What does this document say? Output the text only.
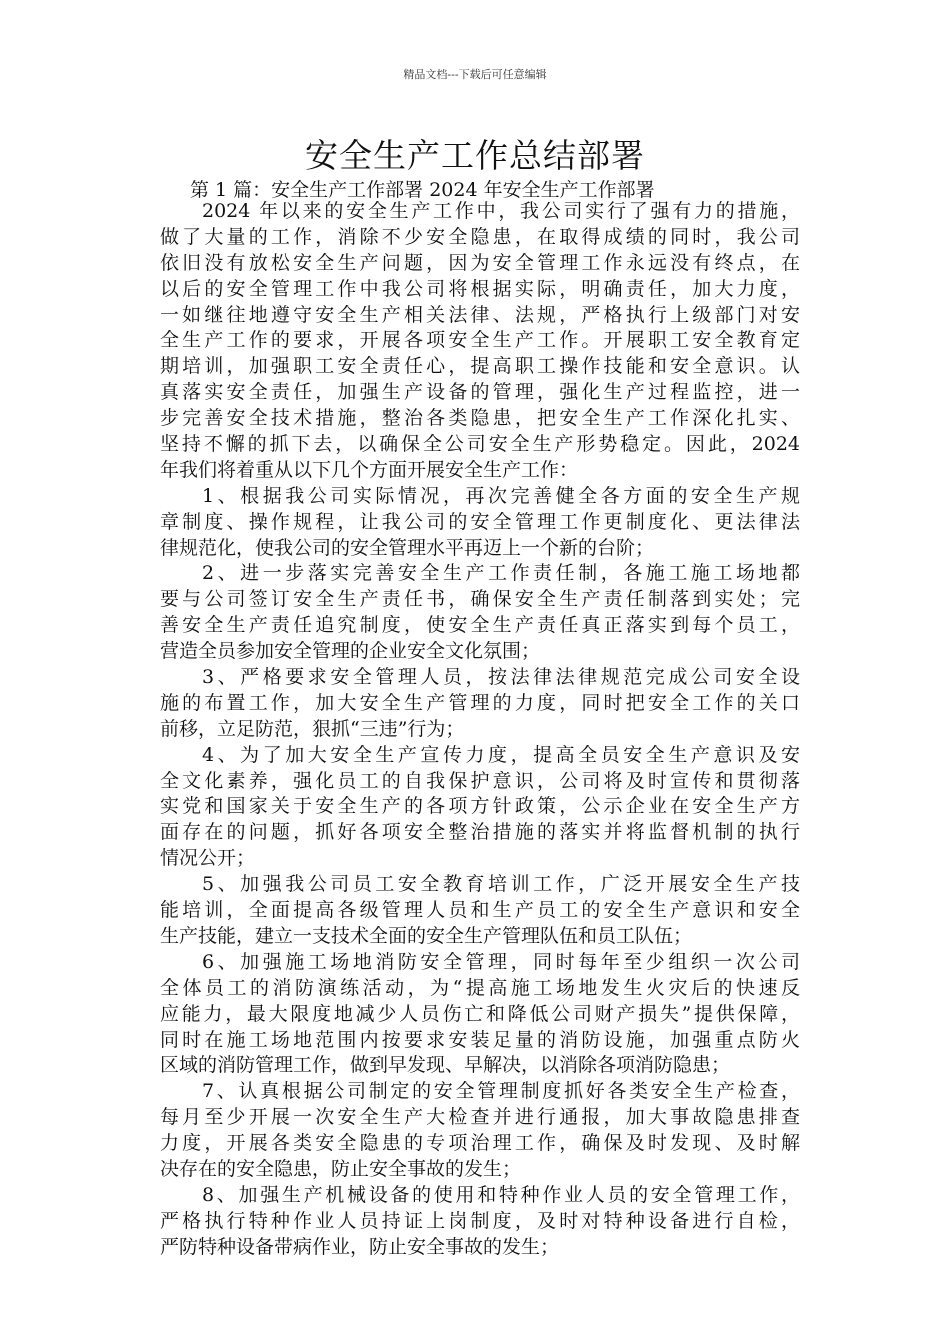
精品文档---下载后可任意编辑
安全生产工作总结部署
第 1 篇：安全生产工作部署 2024 年安全生产工作部署
2024 年以来的安全生产工作中，我公司实行了强有力的措施，
做了大量的工作，消除不少安全隐患，在取得成绩的同时，我公司
依旧没有放松安全生产问题，因为安全管理工作永远没有终点，在
以后的安全管理工作中我公司将根据实际，明确责任，加大力度，
一如继往地遵守安全生产相关法律、法规，严格执行上级部门对安
全生产工作的要求，开展各项安全生产工作。开展职工安全教育定
期培训，加强职工安全责任心，提高职工操作技能和安全意识。认
真落实安全责任，加强生产设备的管理，强化生产过程监控，进一
步完善安全技术措施，整治各类隐患，把安全生产工作深化扎实、
坚持不懈的抓下去，以确保全公司安全生产形势稳定。因此，2024
年我们将着重从以下几个方面开展安全生产工作：
1、根据我公司实际情况，再次完善健全各方面的安全生产规
章制度、操作规程，让我公司的安全管理工作更制度化、更法律法
律规范化，使我公司的安全管理水平再迈上一个新的台阶；
2、进一步落实完善安全生产工作责任制，各施工施工场地都
要与公司签订安全生产责任书，确保安全生产责任制落到实处；完
善安全生产责任追究制度，使安全生产责任真正落实到每个员工，
营造全员参加安全管理的企业安全文化氛围；
3、严格要求安全管理人员，按法律法律规范完成公司安全设
施的布置工作，加大安全生产管理的力度，同时把安全工作的关口
前移，立足防范，狠抓“三违”行为；
4、为了加大安全生产宣传力度，提高全员安全生产意识及安
全文化素养，强化员工的自我保护意识，公司将及时宣传和贯彻落
实党和国家关于安全生产的各项方针政策，公示企业在安全生产方
面存在的问题，抓好各项安全整治措施的落实并将监督机制的执行
情况公开；
5、加强我公司员工安全教育培训工作，广泛开展安全生产技
能培训，全面提高各级管理人员和生产员工的安全生产意识和安全
生产技能，建立一支技术全面的安全生产管理队伍和员工队伍；
6、加强施工场地消防安全管理，同时每年至少组织一次公司
全体员工的消防演练活动，为“提高施工场地发生火灾后的快速反
应能力，最大限度地减少人员伤亡和降低公司财产损失”提供保障，
同时在施工场地范围内按要求安装足量的消防设施，加强重点防火
区域的消防管理工作，做到早发现、早解决，以消除各项消防隐患；
7、认真根据公司制定的安全管理制度抓好各类安全生产检查，
每月至少开展一次安全生产大检查并进行通报，加大事故隐患排查
力度，开展各类安全隐患的专项治理工作，确保及时发现、及时解
决存在的安全隐患，防止安全事故的发生；
8、加强生产机械设备的使用和特种作业人员的安全管理工作，
严格执行特种作业人员持证上岗制度，及时对特种设备进行自检，
严防特种设备带病作业，防止安全事故的发生；
